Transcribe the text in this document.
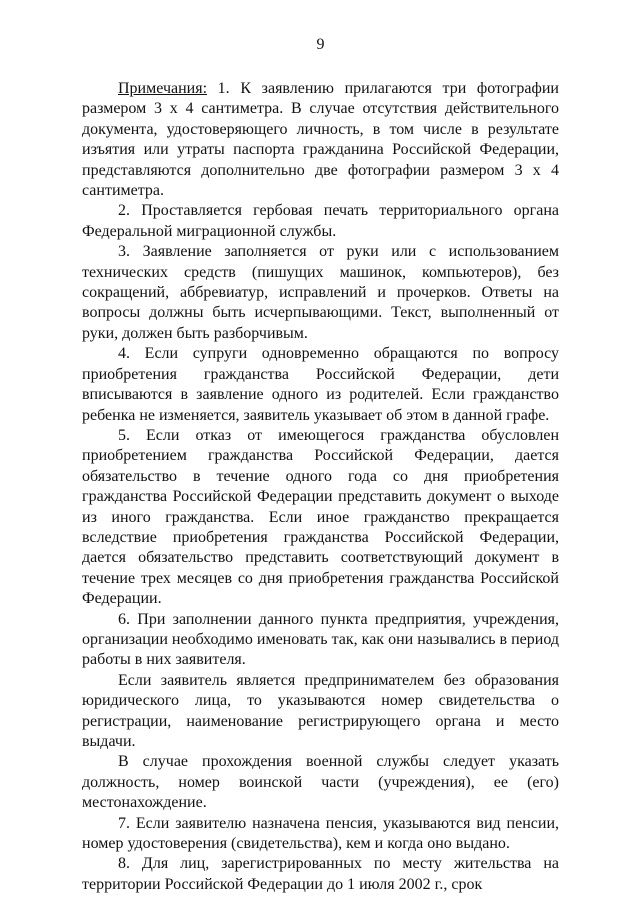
9

Примечания: 1. К заявлению прилагаются три фотографии размером 3 х 4 сантиметра. В случае отсутствия действительного документа, удостоверяющего личность, в том числе в результате изъятия или утраты паспорта гражданина Российской Федерации, представляются дополнительно две фотографии размером 3 х 4 сантиметра.

2. Проставляется гербовая печать территориального органа Федеральной миграционной службы.

3. Заявление заполняется от руки или с использованием технических средств (пишущих машинок, компьютеров), без сокращений, аббревиатур, исправлений и прочерков. Ответы на вопросы должны быть исчерпывающими. Текст, выполненный от руки, должен быть разборчивым.

4. Если супруги одновременно обращаются по вопросу приобретения гражданства Российской Федерации, дети вписываются в заявление одного из родителей. Если гражданство ребенка не изменяется, заявитель указывает об этом в данной графе.

5. Если отказ от имеющегося гражданства обусловлен приобретением гражданства Российской Федерации, дается обязательство в течение одного года со дня приобретения гражданства Российской Федерации представить документ о выходе из иного гражданства. Если иное гражданство прекращается вследствие приобретения гражданства Российской Федерации, дается обязательство представить соответствующий документ в течение трех месяцев со дня приобретения гражданства Российской Федерации.

6. При заполнении данного пункта предприятия, учреждения, организации необходимо именовать так, как они назывались в период работы в них заявителя.

Если заявитель является предпринимателем без образования юридического лица, то указываются номер свидетельства о регистрации, наименование регистрирующего органа и место выдачи.

В случае прохождения военной службы следует указать должность, номер воинской части (учреждения), ее (его) местонахождение.

7. Если заявителю назначена пенсия, указываются вид пенсии, номер удостоверения (свидетельства), кем и когда оно выдано.

8. Для лиц, зарегистрированных по месту жительства на территории Российской Федерации до 1 июля 2002 г., срок
